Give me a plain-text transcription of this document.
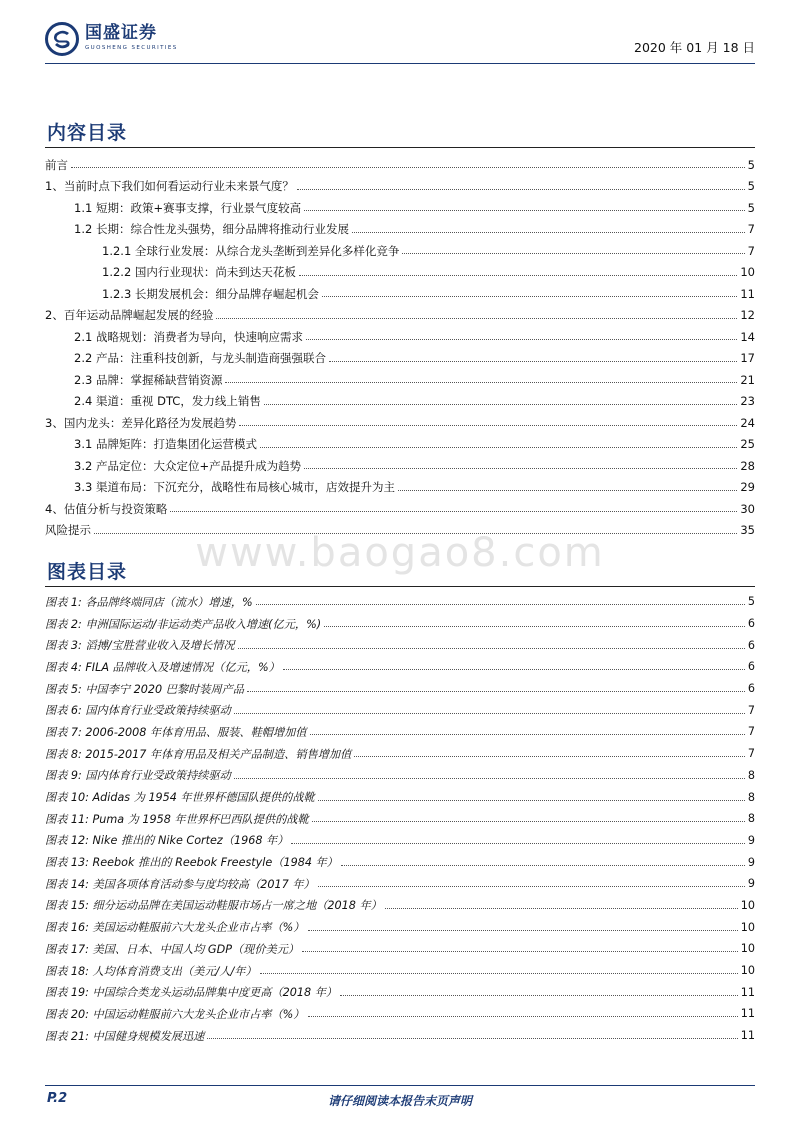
国盛证券
GUOSHENG SECURITIES	2020 年 01 月 18 日
内容目录
前言	5
1、当前时点下我们如何看运动行业未来景气度？	5
1.1 短期：政策+赛事支撑，行业景气度较高	5
1.2 长期：综合性龙头强势，细分品牌将推动行业发展	7
1.2.1 全球行业发展：从综合龙头垄断到差异化多样化竞争	7
1.2.2 国内行业现状：尚未到达天花板	10
1.2.3 长期发展机会：细分品牌存崛起机会	11
2、百年运动品牌崛起发展的经验	12
2.1 战略规划：消费者为导向，快速响应需求	14
2.2 产品：注重科技创新，与龙头制造商强强联合	17
2.3 品牌：掌握稀缺营销资源	21
2.4 渠道：重视 DTC，发力线上销售	23
3、国内龙头：差异化路径为发展趋势	24
3.1 品牌矩阵：打造集团化运营模式	25
3.2 产品定位：大众定位+产品提升成为趋势	28
3.3 渠道布局：下沉充分，战略性布局核心城市，店效提升为主	29
4、估值分析与投资策略	30
风险提示	35
www.baogao8.com
图表目录
图表 1: 各品牌终端同店（流水）增速，%	5
图表 2: 申洲国际运动/非运动类产品收入增速(亿元，%)	6
图表 3: 滔搏/宝胜营业收入及增长情况	6
图表 4: FILA 品牌收入及增速情况（亿元，%）	6
图表 5: 中国李宁 2020 巴黎时装周产品	6
图表 6: 国内体育行业受政策持续驱动	7
图表 7: 2006-2008 年体育用品、服装、鞋帽增加值	7
图表 8: 2015-2017 年体育用品及相关产品制造、销售增加值	7
图表 9: 国内体育行业受政策持续驱动	8
图表 10: Adidas 为 1954 年世界杯德国队提供的战靴	8
图表 11: Puma 为 1958 年世界杯巴西队提供的战靴	8
图表 12: Nike 推出的 Nike Cortez（1968 年）	9
图表 13: Reebok 推出的 Reebok Freestyle（1984 年）	9
图表 14: 美国各项体育活动参与度均较高（2017 年）	9
图表 15: 细分运动品牌在美国运动鞋服市场占一席之地（2018 年）	10
图表 16: 美国运动鞋服前六大龙头企业市占率（%）	10
图表 17: 美国、日本、中国人均 GDP（现价美元）	10
图表 18: 人均体育消费支出（美元/人/年）	10
图表 19: 中国综合类龙头运动品牌集中度更高（2018 年）	11
图表 20: 中国运动鞋服前六大龙头企业市占率（%）	11
图表 21: 中国健身规模发展迅速	11
P.2	请仔细阅读本报告末页声明
